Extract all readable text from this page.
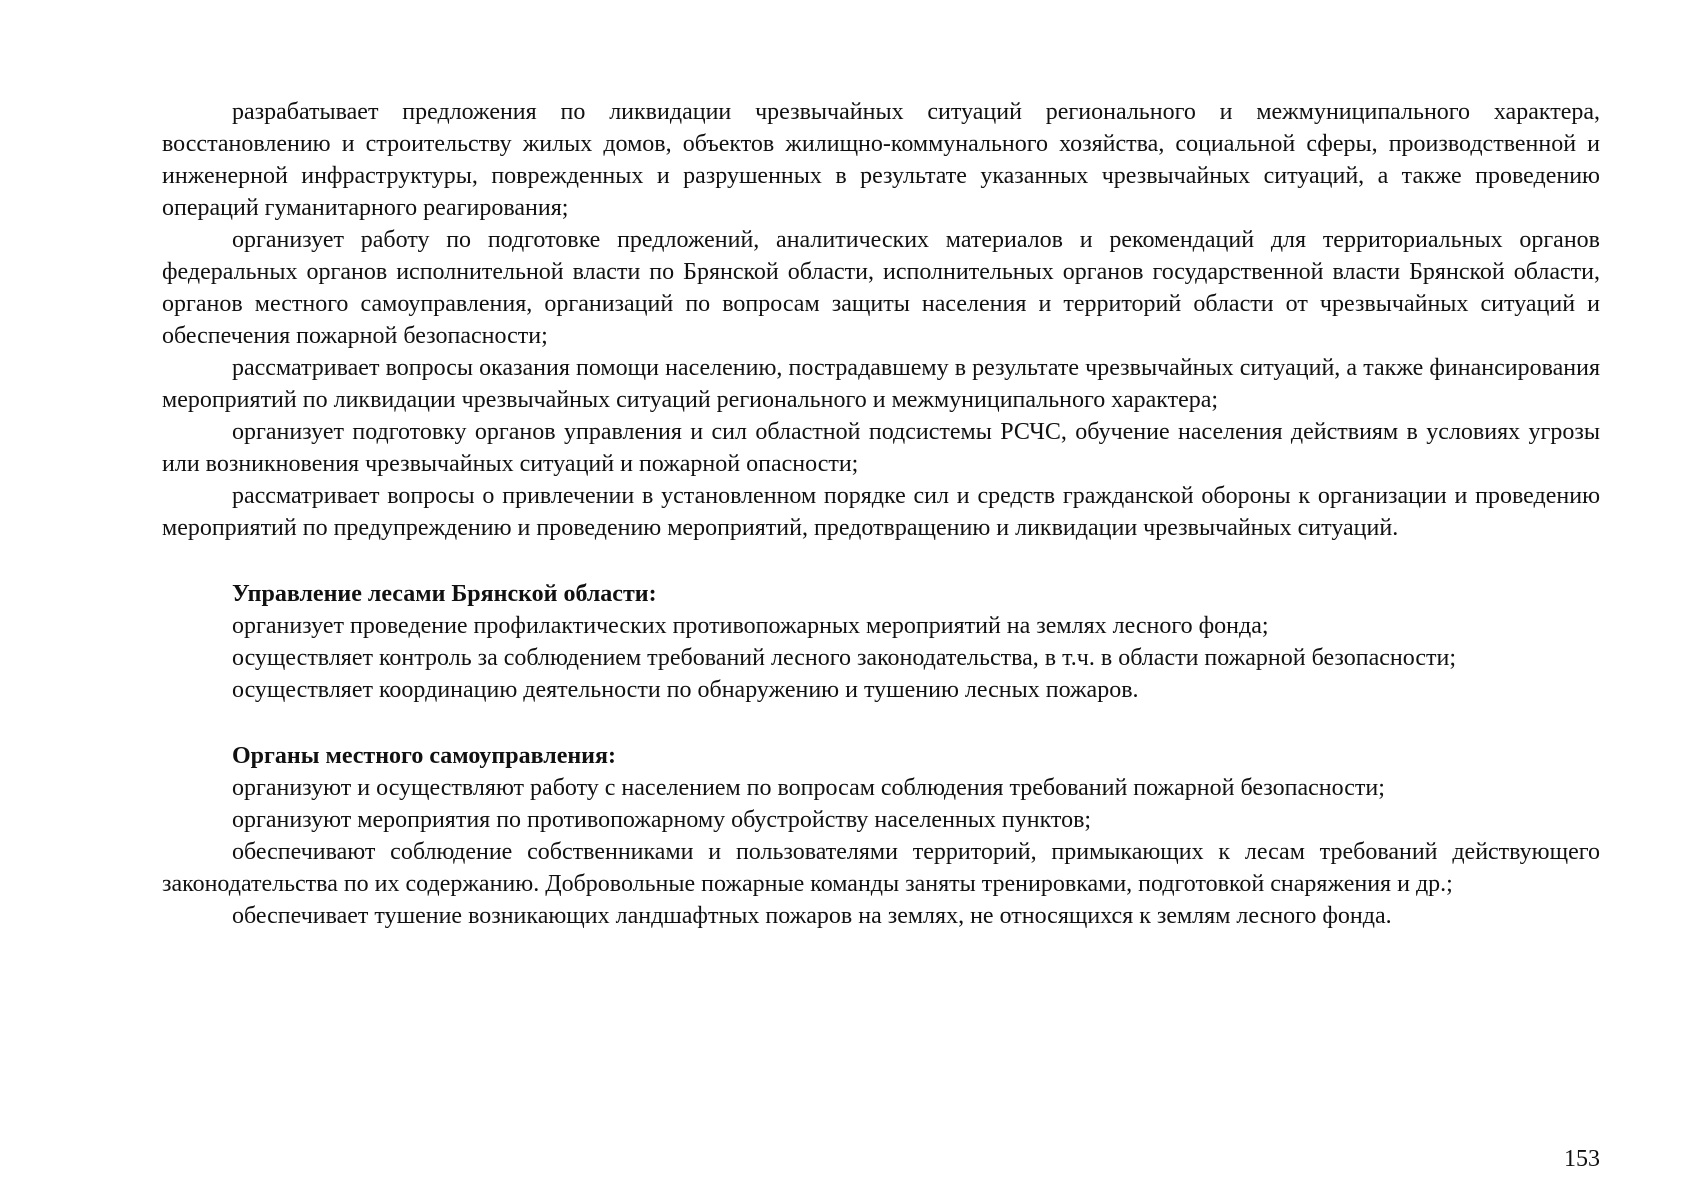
разрабатывает предложения по ликвидации чрезвычайных ситуаций регионального и межмуниципального характера, восстановлению и строительству жилых домов, объектов жилищно-коммунального хозяйства, социальной сферы, производственной и инженерной инфраструктуры, поврежденных и разрушенных в результате указанных чрезвычайных ситуаций, а также проведению операций гуманитарного реагирования;

организует работу по подготовке предложений, аналитических материалов и рекомендаций для территориальных органов федеральных органов исполнительной власти по Брянской области, исполнительных органов государственной власти Брянской области, органов местного самоуправления, организаций по вопросам защиты населения и территорий области от чрезвычайных ситуаций и обеспечения пожарной безопасности;

рассматривает вопросы оказания помощи населению, пострадавшему в результате чрезвычайных ситуаций, а также финансирования мероприятий по ликвидации чрезвычайных ситуаций регионального и межмуниципального характера;

организует подготовку органов управления и сил областной подсистемы РСЧС, обучение населения действиям в условиях угрозы или возникновения чрезвычайных ситуаций и пожарной опасности;

рассматривает вопросы о привлечении в установленном порядке сил и средств гражданской обороны к организации и проведению мероприятий по предупреждению и проведению мероприятий, предотвращению и ликвидации чрезвычайных ситуаций.

Управление лесами Брянской области:

организует проведение профилактических противопожарных мероприятий на землях лесного фонда;

осуществляет контроль за соблюдением требований лесного законодательства, в т.ч. в области пожарной безопасности;

осуществляет координацию деятельности по обнаружению и тушению лесных пожаров.

Органы местного самоуправления:

организуют и осуществляют работу с населением по вопросам соблюдения требований пожарной безопасности;

организуют мероприятия по противопожарному обустройству населенных пунктов;

обеспечивают соблюдение собственниками и пользователями территорий, примыкающих к лесам требований действующего законодательства по их содержанию. Добровольные пожарные команды заняты тренировками, подготовкой снаряжения и др.;

обеспечивает тушение возникающих ландшафтных пожаров на землях, не относящихся к землям лесного фонда.

153
